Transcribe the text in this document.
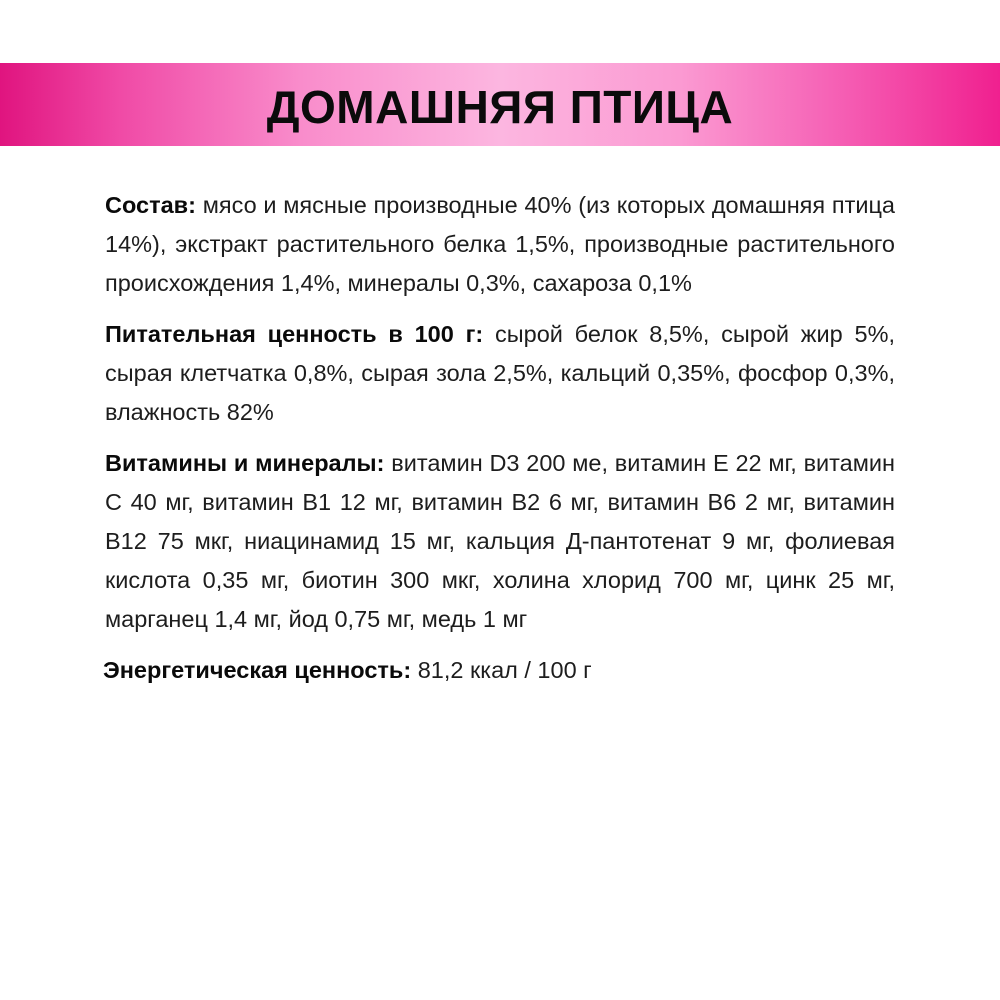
ДОМАШНЯЯ ПТИЦА

Состав: мясо и мясные производные 40% (из которых домашняя птица 14%), экстракт растительного белка 1,5%, производные растительного происхождения 1,4%, минералы 0,3%, сахароза 0,1%

Питательная ценность в 100 г: сырой белок 8,5%, сырой жир 5%, сырая клетчатка 0,8%, сырая зола 2,5%, кальций 0,35%, фосфор 0,3%, влажность 82%

Витамины и минералы: витамин D3 200 ме, витамин Е 22 мг, витамин С 40 мг, витамин В1 12 мг, витамин В2 6 мг, витамин В6 2 мг, витамин В12 75 мкг, ниацинамид 15 мг, кальция Д-пантотенат 9 мг, фолиевая кислота 0,35 мг, биотин 300 мкг, холина хлорид 700 мг, цинк 25 мг, марганец 1,4 мг, йод 0,75 мг, медь 1 мг

Энергетическая ценность: 81,2 ккал / 100 г
